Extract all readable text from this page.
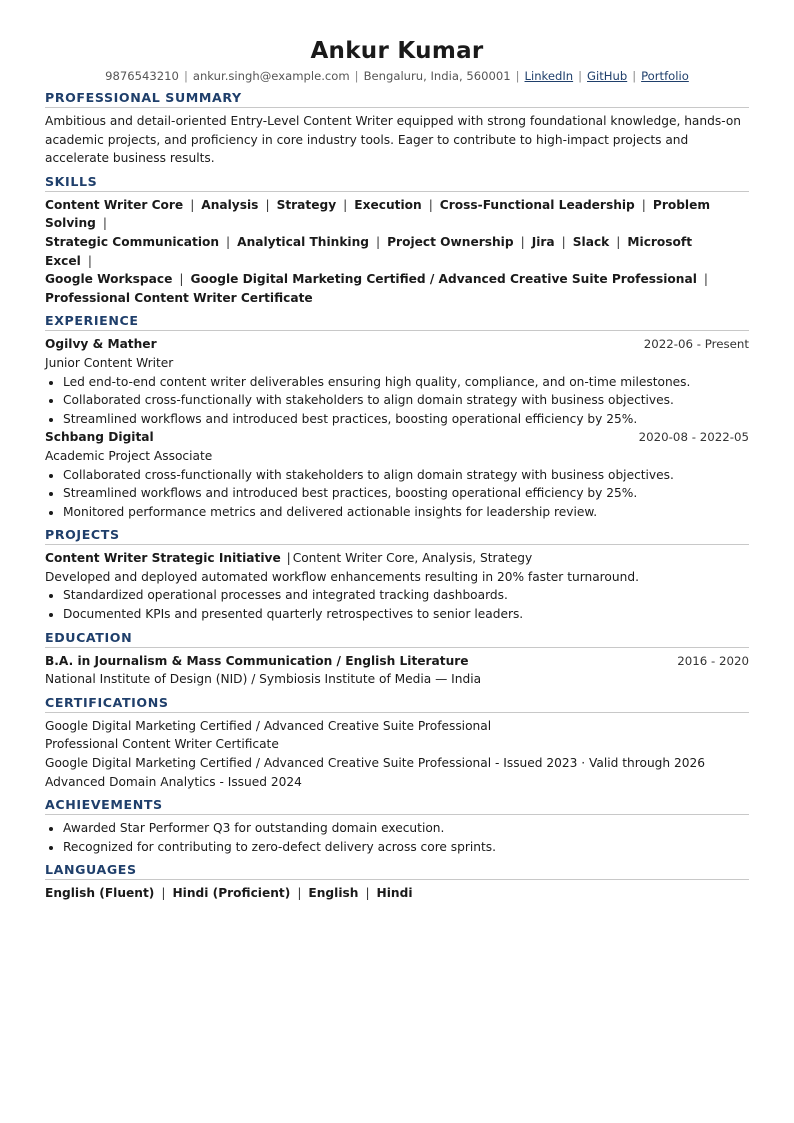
Ankur Kumar
9876543210 | ankur.singh@example.com | Bengaluru, India, 560001 | LinkedIn | GitHub | Portfolio
PROFESSIONAL SUMMARY

Ambitious and detail-oriented Entry-Level Content Writer equipped with strong foundational knowledge, hands-on academic projects, and proficiency in core industry tools. Eager to contribute to high-impact projects and accelerate business results.

SKILLS

Content Writer Core | Analysis | Strategy | Execution | Cross-Functional Leadership | Problem Solving |
Strategic Communication | Analytical Thinking | Project Ownership | Jira | Slack | Microsoft Excel |
Google Workspace | Google Digital Marketing Certified / Advanced Creative Suite Professional |
Professional Content Writer Certificate

EXPERIENCE
Ogilvy & Mather	2022-06 - Present
Junior Content Writer
• Led end-to-end content writer deliverables ensuring high quality, compliance, and on-time milestones.
• Collaborated cross-functionally with stakeholders to align domain strategy with business objectives.
• Streamlined workflows and introduced best practices, boosting operational efficiency by 25%.
Schbang Digital	2020-08 - 2022-05
Academic Project Associate
• Collaborated cross-functionally with stakeholders to align domain strategy with business objectives.
• Streamlined workflows and introduced best practices, boosting operational efficiency by 25%.
• Monitored performance metrics and delivered actionable insights for leadership review.
PROJECTS
Content Writer Strategic Initiative | Content Writer Core, Analysis, Strategy
Developed and deployed automated workflow enhancements resulting in 20% faster turnaround.
• Standardized operational processes and integrated tracking dashboards.
• Documented KPIs and presented quarterly retrospectives to senior leaders.
EDUCATION
B.A. in Journalism & Mass Communication / English Literature	2016 - 2020
National Institute of Design (NID) / Symbiosis Institute of Media — India
CERTIFICATIONS

Google Digital Marketing Certified / Advanced Creative Suite Professional

Professional Content Writer Certificate

Google Digital Marketing Certified / Advanced Creative Suite Professional - Issued 2023 · Valid through 2026

Advanced Domain Analytics - Issued 2024

ACHIEVEMENTS
• Awarded Star Performer Q3 for outstanding domain execution.
• Recognized for contributing to zero-defect delivery across core sprints.
LANGUAGES

English (Fluent) | Hindi (Proficient) | English | Hindi
